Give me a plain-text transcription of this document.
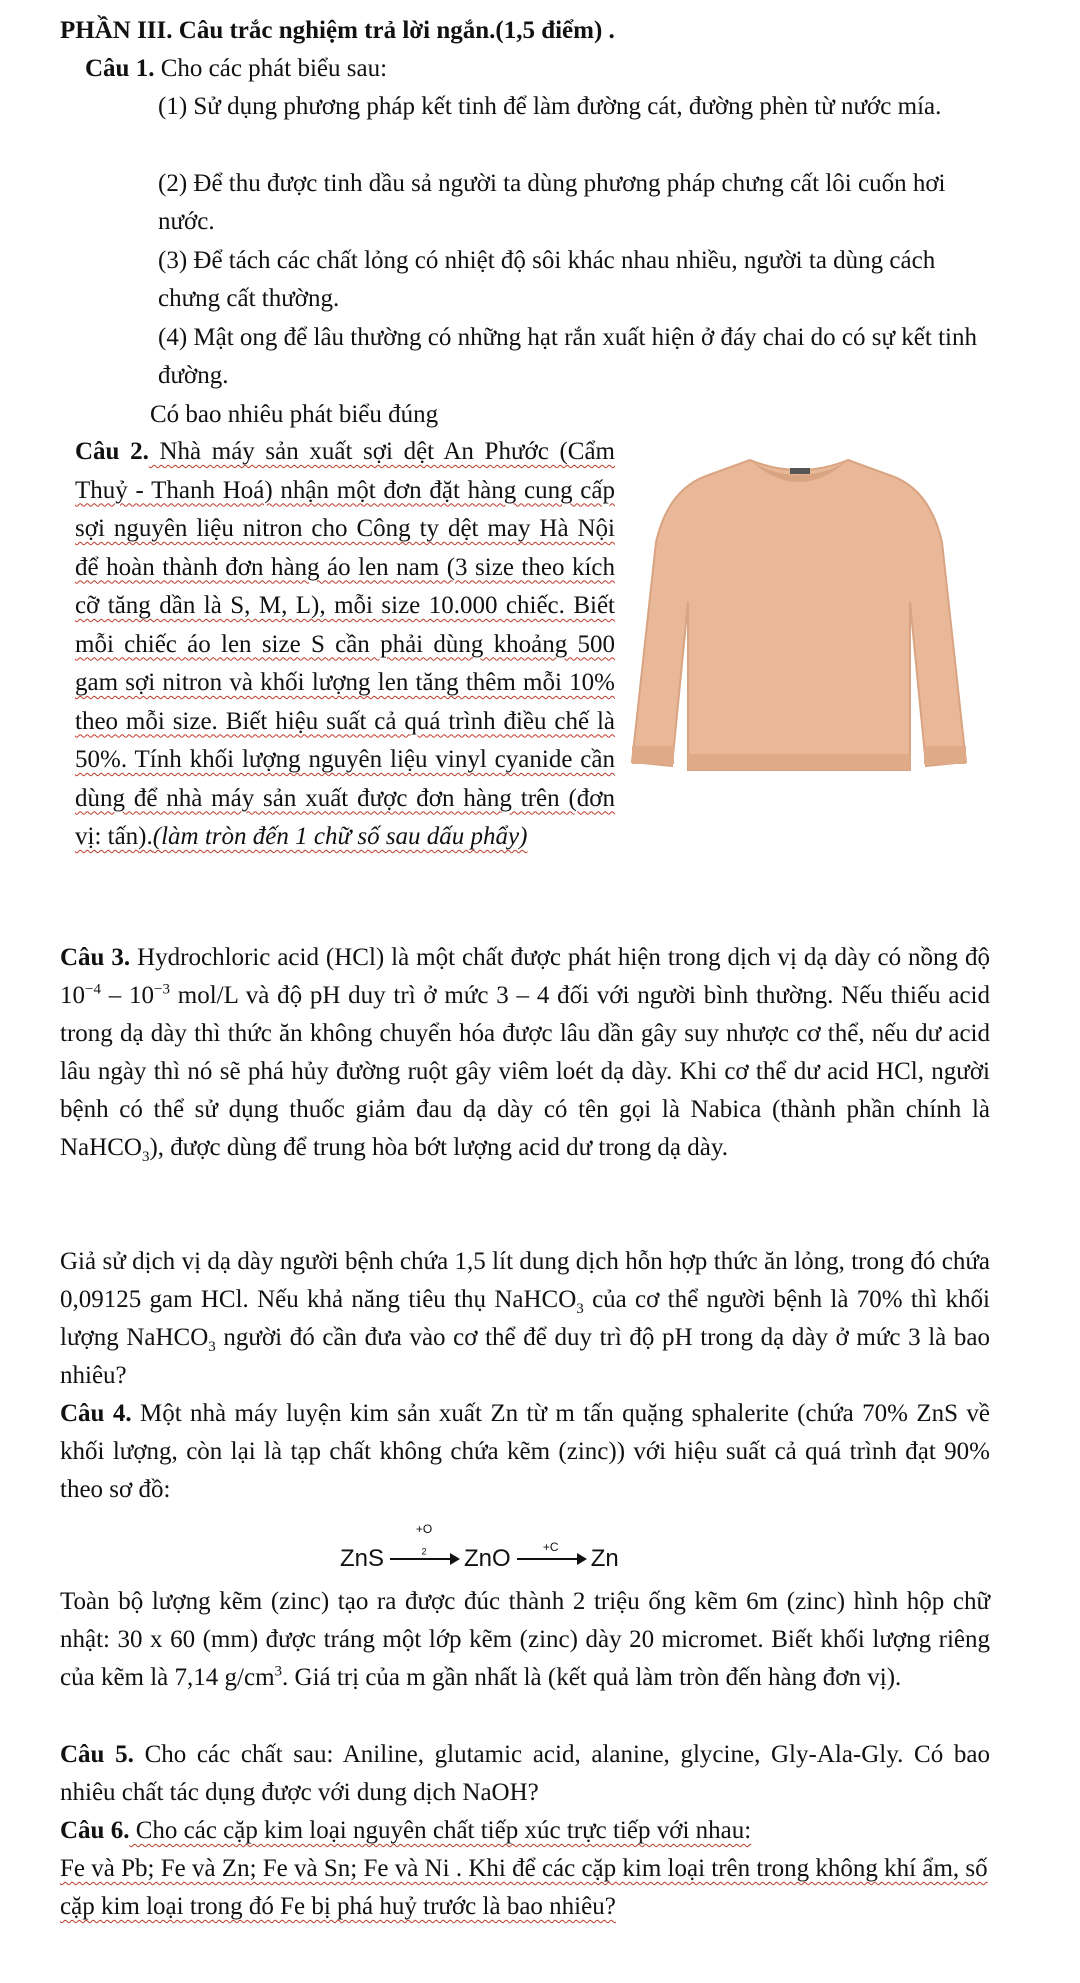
PHẦN III. Câu trắc nghiệm trả lời ngắn.(1,5 điểm) .
Câu 1. Cho các phát biểu sau:
(1) Sử dụng phương pháp kết tinh để làm đường cát, đường phèn từ nước mía.
(2) Để thu được tinh dầu sả người ta dùng phương pháp chưng cất lôi cuốn hơi nước.
(3) Để tách các chất lỏng có nhiệt độ sôi khác nhau nhiều, người ta dùng cách chưng cất thường.
(4) Mật ong để lâu thường có những hạt rắn xuất hiện ở đáy chai do có sự kết tinh đường.
Có bao nhiêu phát biểu đúng
Câu 2. Nhà máy sản xuất sợi dệt An Phước (Cẩm Thuỷ - Thanh Hoá) nhận một đơn đặt hàng cung cấp sợi nguyên liệu nitron cho Công ty dệt may Hà Nội để hoàn thành đơn hàng áo len nam (3 size theo kích cỡ tăng dần là S, M, L), mỗi size 10.000 chiếc. Biết mỗi chiếc áo len size S cần phải dùng khoảng 500 gam sợi nitron và khối lượng len tăng thêm mỗi 10% theo mỗi size. Biết hiệu suất cả quá trình điều chế là 50%. Tính khối lượng nguyên liệu vinyl cyanide cần dùng để nhà máy sản xuất được đơn hàng trên (đơn vị: tấn).(làm tròn đến 1 chữ số sau dấu phẩy)
Câu 3. Hydrochloric acid (HCl) là một chất được phát hiện trong dịch vị dạ dày có nồng độ $10^{-4} - 10^{-3}$ mol/L và độ pH duy trì ở mức 3 – 4 đối với người bình thường. Nếu thiếu acid trong dạ dày thì thức ăn không chuyển hóa được lâu dần gây suy nhược cơ thể, nếu dư acid lâu ngày thì nó sẽ phá hủy đường ruột gây viêm loét dạ dày. Khi cơ thể dư acid HCl, người bệnh có thể sử dụng thuốc giảm đau dạ dày có tên gọi là Nabica (thành phần chính là NaHCO$_3$), được dùng để trung hòa bớt lượng acid dư trong dạ dày.
Giả sử dịch vị dạ dày người bệnh chứa 1,5 lít dung dịch hỗn hợp thức ăn lỏng, trong đó chứa 0,09125 gam HCl. Nếu khả năng tiêu thụ NaHCO$_3$ của cơ thể người bệnh là 70% thì khối lượng NaHCO$_3$ người đó cần đưa vào cơ thể để duy trì độ pH trong dạ dày ở mức 3 là bao nhiêu?
Câu 4. Một nhà máy luyện kim sản xuất Zn từ m tấn quặng sphalerite (chứa 70% ZnS về khối lượng, còn lại là tạp chất không chứa kẽm (zinc)) với hiệu suất cả quá trình đạt 90% theo sơ đồ:
ZnS
+O
$_2$	ZnO	+C	Zn
Toàn bộ lượng kẽm (zinc) tạo ra được đúc thành 2 triệu ống kẽm 6m (zinc) hình hộp chữ nhật: 30 x 60 (mm) được tráng một lớp kẽm (zinc) dày 20 micromet. Biết khối lượng riêng của kẽm là 7,14 $g/cm^3$. Giá trị của m gần nhất là (kết quả làm tròn đến hàng đơn vị).
Câu 5. Cho các chất sau: Aniline, glutamic acid, alanine, glycine, Gly-Ala-Gly. Có bao nhiêu chất tác dụng được với dung dịch NaOH?
Câu 6. Cho các cặp kim loại nguyên chất tiếp xúc trực tiếp với nhau:
Fe và Pb; Fe và Zn; Fe và Sn; Fe và Ni . Khi để các cặp kim loại trên trong không khí ẩm, số cặp kim loại trong đó Fe bị phá huỷ trước là bao nhiêu?
